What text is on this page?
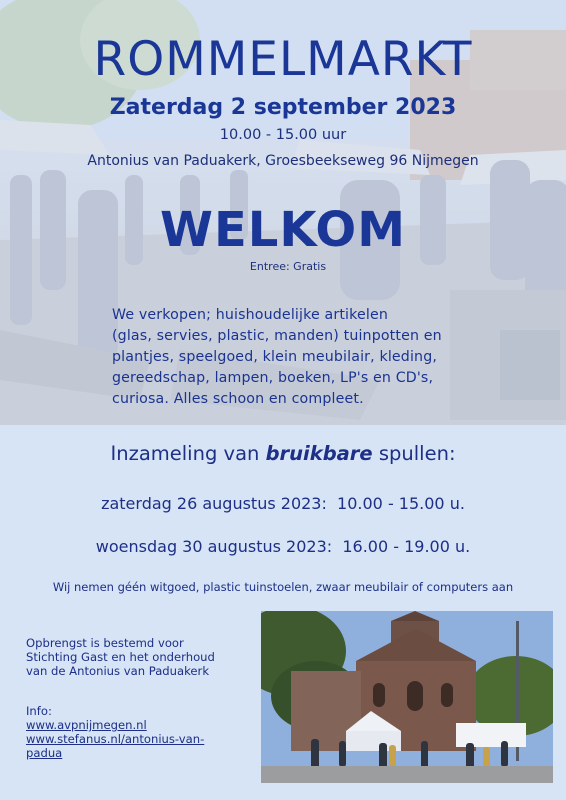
ROMMELMARKT
Zaterdag 2 september 2023
10.00 - 15.00 uur
Antonius van Paduakerk, Groesbeekseweg 96 Nijmegen
WELKOM
Entree: Gratis
We verkopen; huishoudelijke artikelen
(glas, servies, plastic, manden) tuinpotten en
plantjes, speelgoed, klein meubilair, kleding,
gereedschap, lampen, boeken, LP's en CD's,
curiosa. Alles schoon en compleet.
Inzameling van bruikbare spullen:
zaterdag 26 augustus 2023: 10.00 - 15.00 u.
woensdag 30 augustus 2023: 16.00 - 19.00 u.
Wij nemen géén witgoed, plastic tuinstoelen, zwaar meubilair of computers aan
Opbrengst is bestemd voor
Stichting Gast en het onderhoud
van de Antonius van Paduakerk
Info:
www.avpnijmegen.nl
www.stefanus.nl/antonius-van-
padua
